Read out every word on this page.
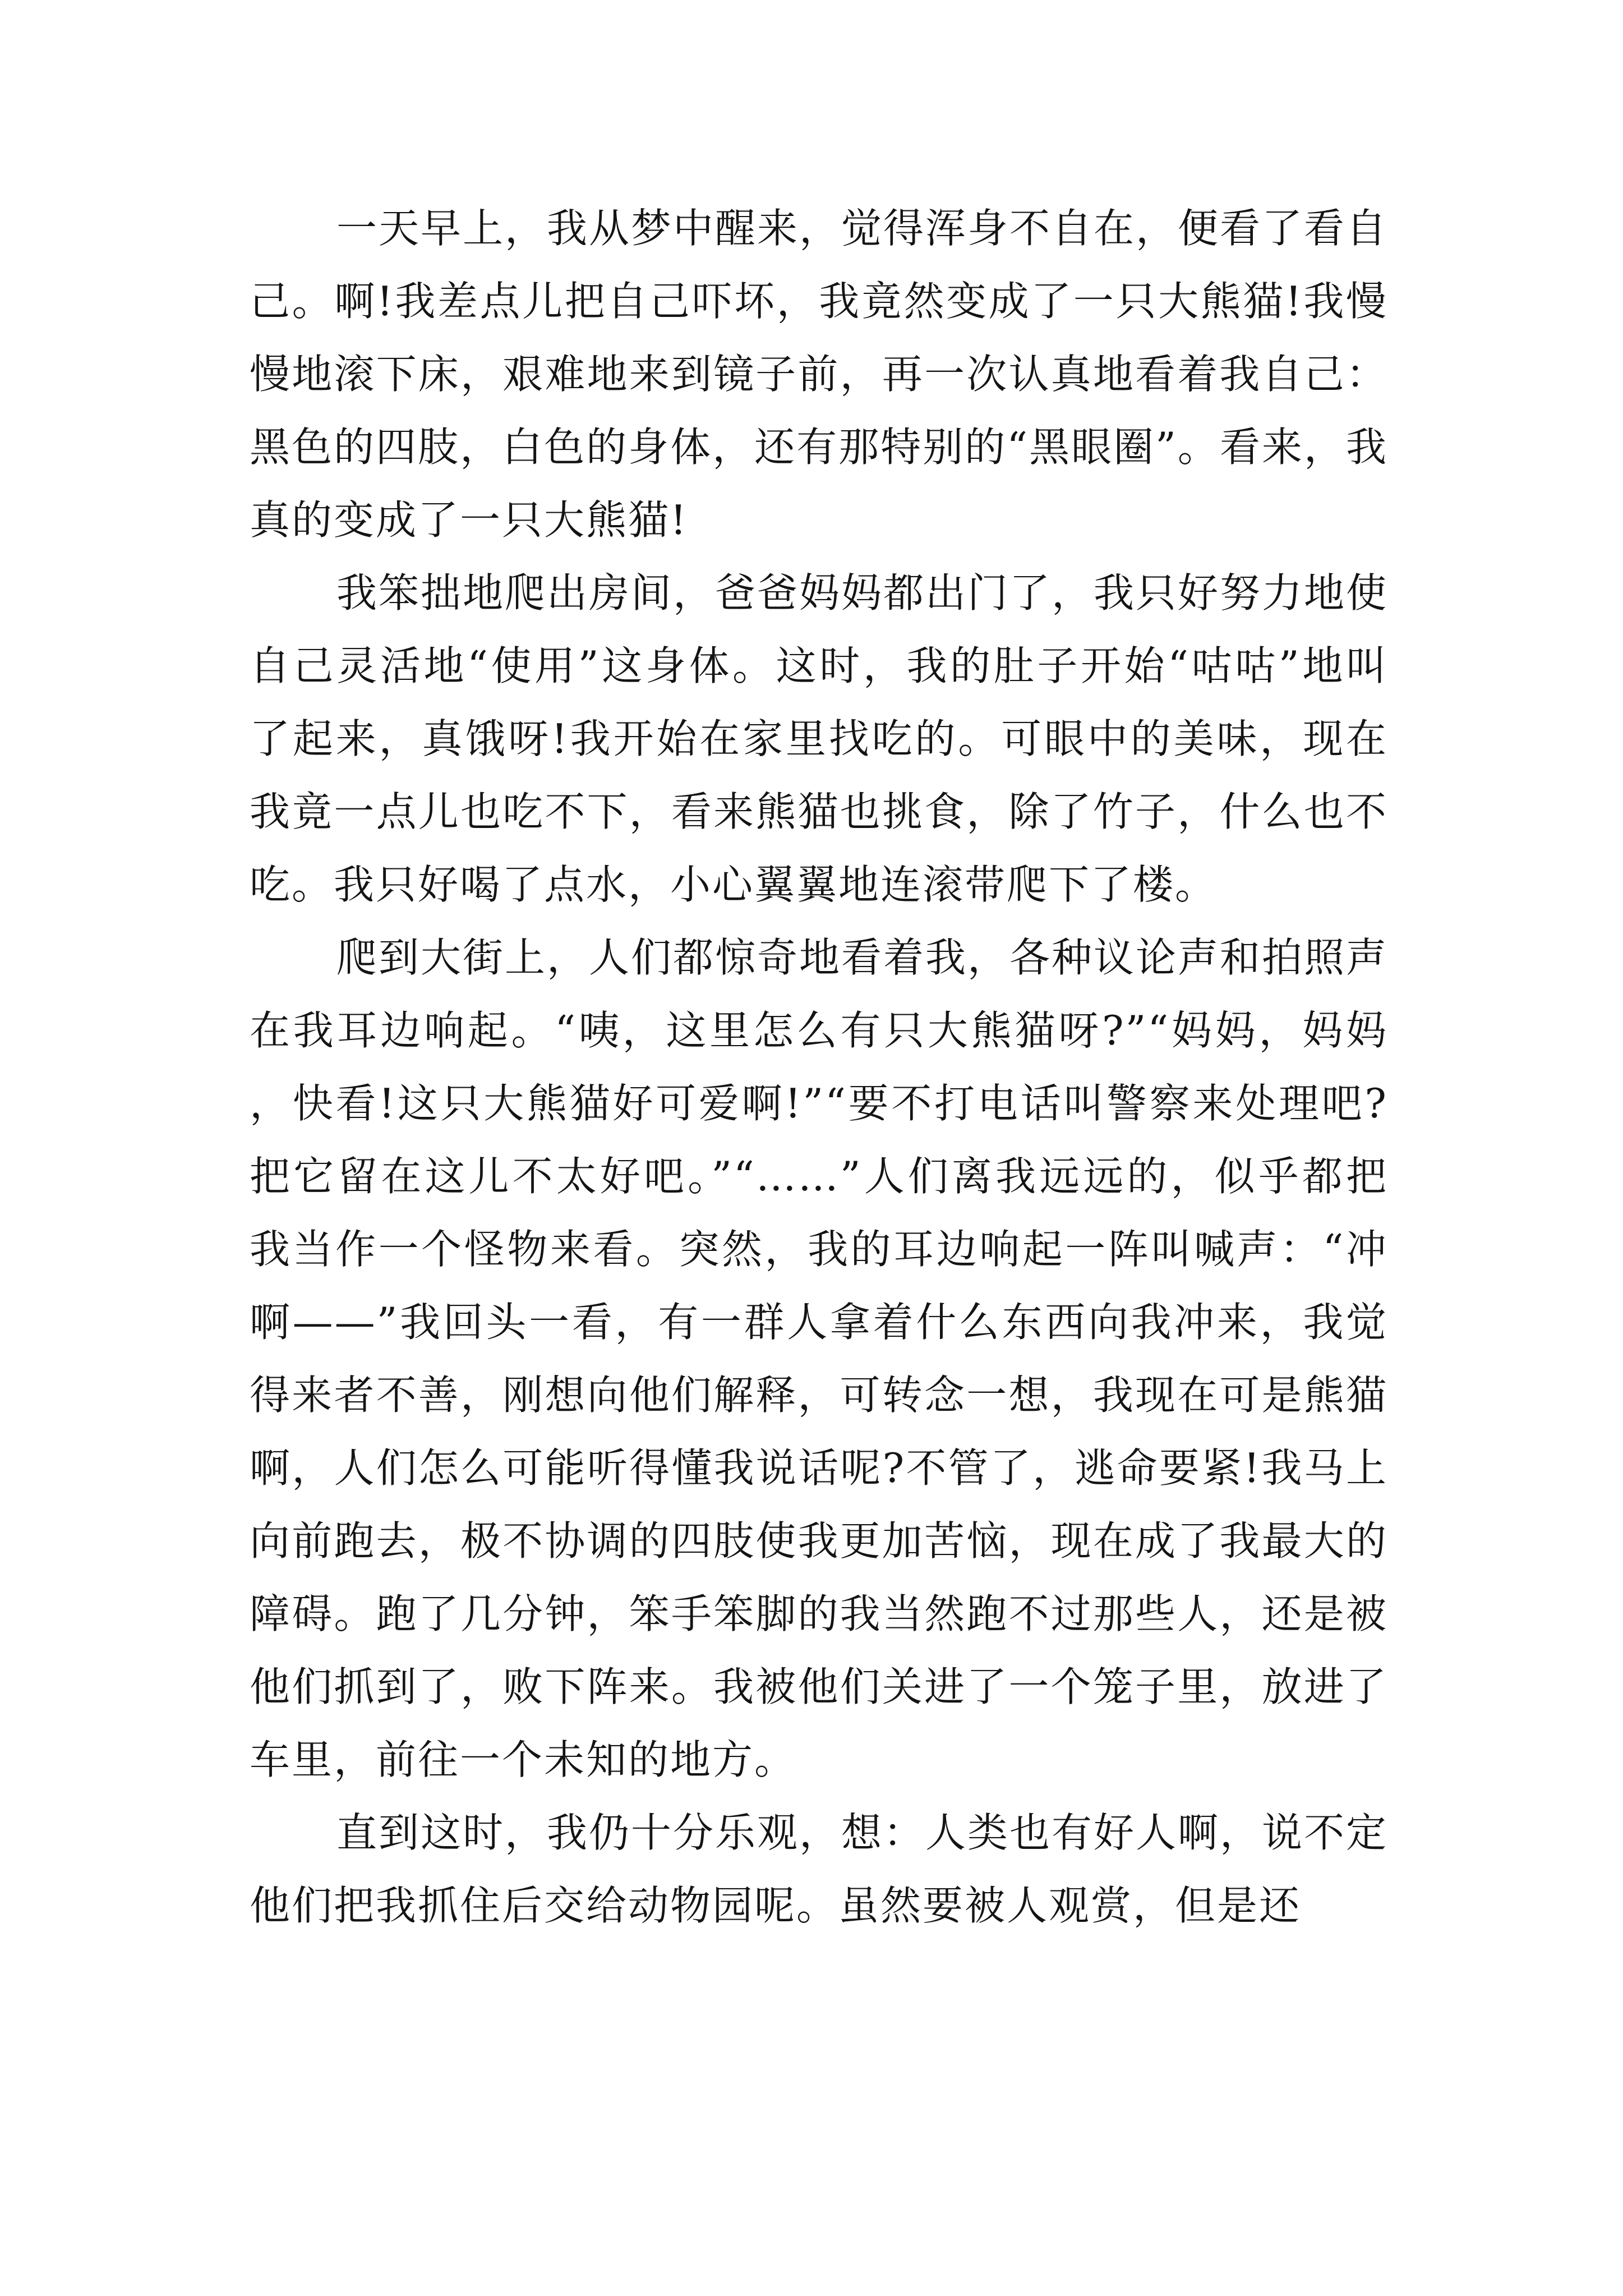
一天早上，我从梦中醒来，觉得浑身不自在，便看了看自己。啊!我差点儿把自己吓坏，我竟然变成了一只大熊猫!我慢慢地滚下床，艰难地来到镜子前，再一次认真地看着我自己：黑色的四肢，白色的身体，还有那特别的“黑眼圈”。看来，我真的变成了一只大熊猫!

我笨拙地爬出房间，爸爸妈妈都出门了，我只好努力地使自己灵活地“使用”这身体。这时，我的肚子开始“咕咕”地叫了起来，真饿呀!我开始在家里找吃的。可眼中的美味，现在我竟一点儿也吃不下，看来熊猫也挑食，除了竹子，什么也不吃。我只好喝了点水，小心翼翼地连滚带爬下了楼。

爬到大街上，人们都惊奇地看着我，各种议论声和拍照声在我耳边响起。“咦，这里怎么有只大熊猫呀?”“妈妈，妈妈，快看!这只大熊猫好可爱啊!”“要不打电话叫警察来处理吧?把它留在这儿不太好吧。”“……”人们离我远远的，似乎都把我当作一个怪物来看。突然，我的耳边响起一阵叫喊声：“冲啊——”我回头一看，有一群人拿着什么东西向我冲来，我觉得来者不善，刚想向他们解释，可转念一想，我现在可是熊猫啊，人们怎么可能听得懂我说话呢?不管了，逃命要紧!我马上向前跑去，极不协调的四肢使我更加苦恼，现在成了我最大的障碍。跑了几分钟，笨手笨脚的我当然跑不过那些人，还是被他们抓到了，败下阵来。我被他们关进了一个笼子里，放进了车里，前往一个未知的地方。

直到这时，我仍十分乐观，想：人类也有好人啊，说不定他们把我抓住后交给动物园呢。虽然要被人观赏，但是还
